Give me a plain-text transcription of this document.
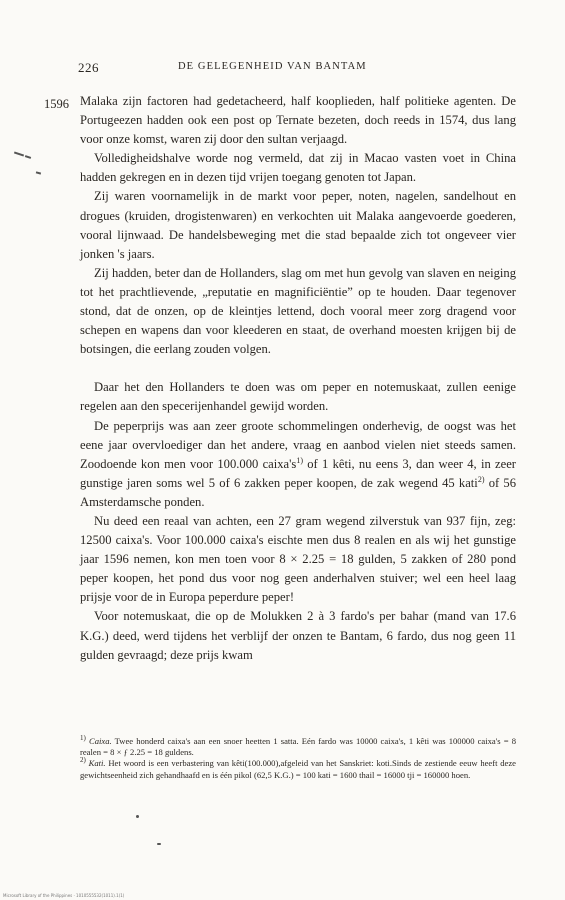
226	DE GELEGENHEID VAN BANTAM
1596 Malaka zijn factoren had gedetacheerd, half kooplieden, half politieke agenten. De Portugeezen hadden ook een post op Ternate bezeten, doch reeds in 1574, dus lang voor onze komst, waren zij door den sultan verjaagd.

Volledigheidshalve worde nog vermeld, dat zij in Macao vasten voet in China hadden gekregen en in dezen tijd vrijen toegang genoten tot Japan.

Zij waren voornamelijk in de markt voor peper, noten, nagelen, sandelhout en drogues (kruiden, drogistenwaren) en verkochten uit Malaka aangevoerde goederen, vooral lijnwaad. De handelsbeweging met die stad bepaalde zich tot ongeveer vier jonken 's jaars.

Zij hadden, beter dan de Hollanders, slag om met hun gevolg van slaven en neiging tot het prachtlievende, „reputatie en magnificiëntie” op te houden. Daar tegenover stond, dat de onzen, op de kleintjes lettend, doch vooral meer zorg dragend voor schepen en wapens dan voor kleederen en staat, de overhand moesten krijgen bij de botsingen, die eerlang zouden volgen.

Daar het den Hollanders te doen was om peper en notemuskaat, zullen eenige regelen aan den specerijenhandel gewijd worden.

De peperprijs was aan zeer groote schommelingen onderhevig, de oogst was het eene jaar overvloediger dan het andere, vraag en aanbod vielen niet steeds samen. Zoodoende kon men voor 100.000 $caixa's^{1)}$ of 1 kêti, nu eens 3, dan weer 4, in zeer gunstige jaren soms wel 5 of 6 zakken peper koopen, de zak wegend 45 kati$^{2)}$ of 56 Amsterdamsche ponden.

Nu deed een reaal van achten, een 27 gram wegend zilverstuk van 937 fijn, zeg: 12500 caixa's. Voor 100.000 caixa's eischte men dus 8 realen en als wij het gunstige jaar 1596 nemen, kon men toen voor 8 × 2.25 = 18 gulden, 5 zakken of 280 pond peper koopen, het pond dus voor nog geen anderhalven stuiver; wel een heel laag prijsje voor de in Europa peperdure peper!

Voor notemuskaat, die op de Molukken 2 à 3 fardo's per bahar (mand van 17.6 K.G.) deed, werd tijdens het verblijf der onzen te Bantam, 6 fardo, dus nog geen 11 gulden gevraagd; deze prijs kwam

$^{1)}$ Caixa. Twee honderd caixa's aan een snoer heetten 1 satta. Eén fardo was 10000 caixa's, 1 kêti was 100000 caixa's = 8 realen = 8 × ƒ 2.25 = 18 guldens.

$^{2)}$ Kati. Het woord is een verbastering van kêti(100.000),afgeleid van het Sanskriet: koti.Sinds de zestiende eeuw heeft deze gewichtseenheid zich gehandhaafd en is één pikol (62,5 K.G.) = 100 kati = 1600 thail = 16000 tji = 160000 hoen.

Microsoft Library of the Philippines · 1010555532(1011).1(1)
